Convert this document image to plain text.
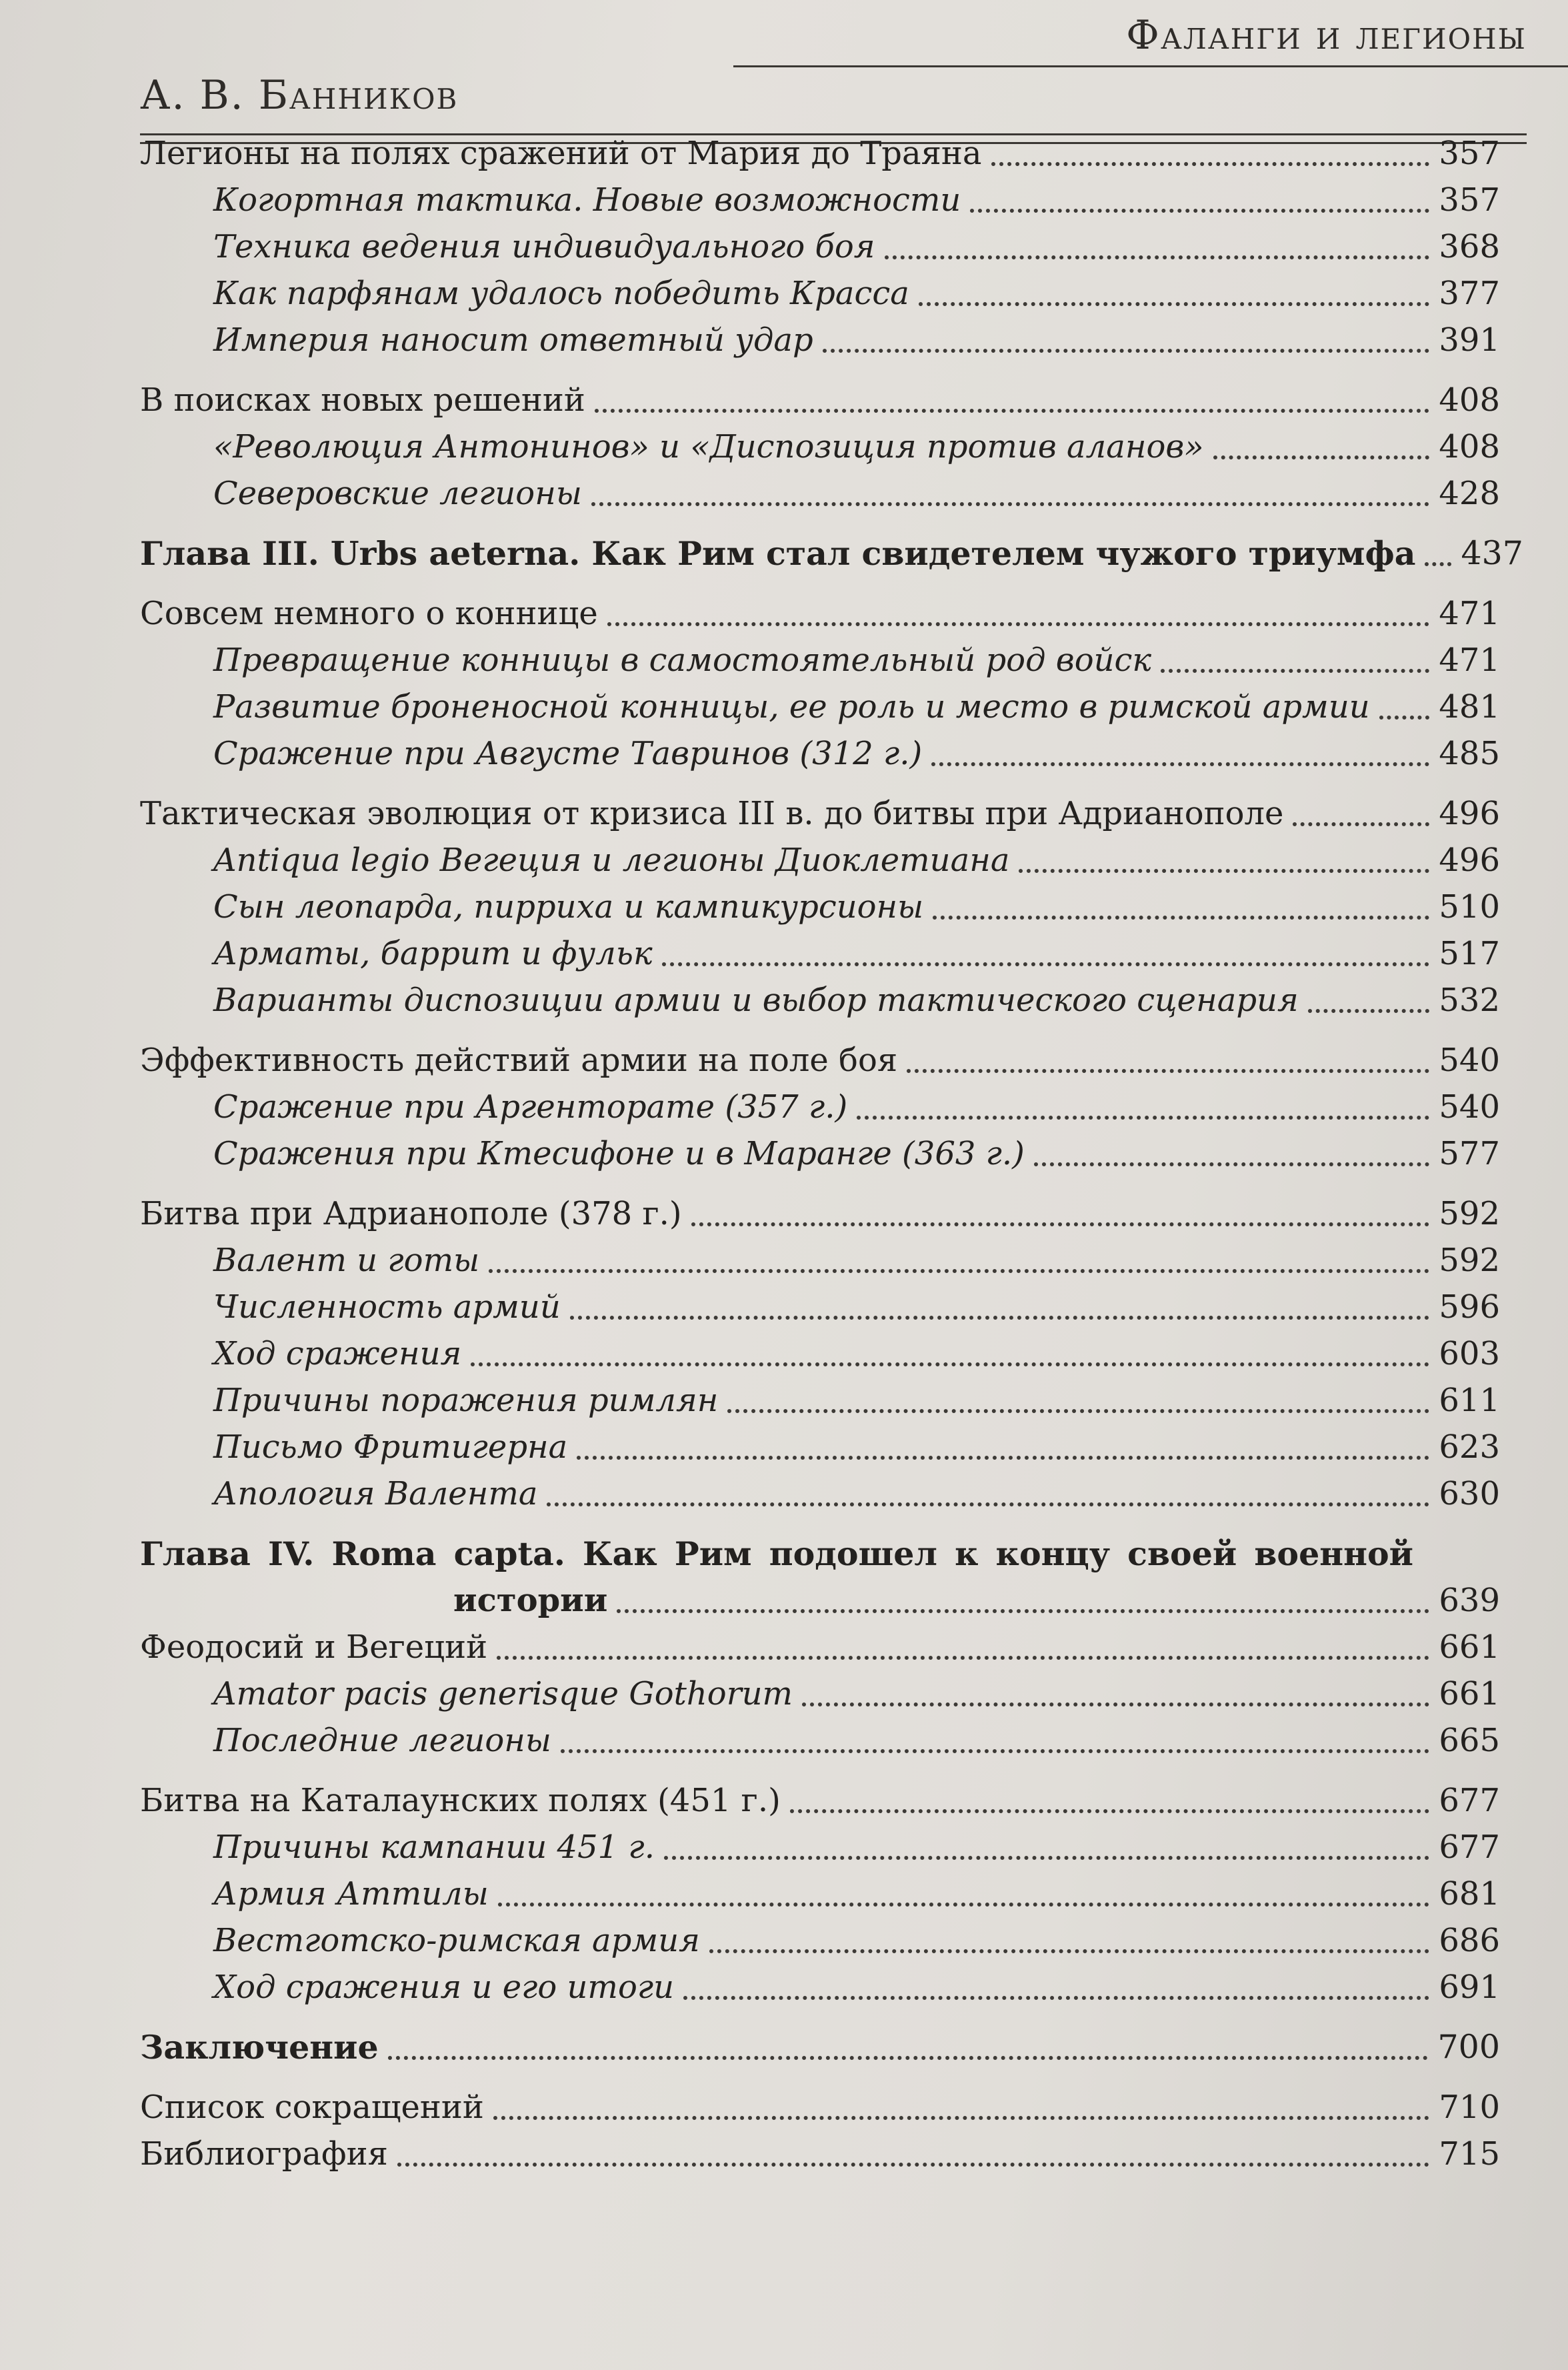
Фаланги и легионы
А. В. Банников
Легионы на полях сражений от Мария до Траяна	357
Когортная тактика. Новые возможности	357
Техника ведения индивидуального боя	368
Как парфянам удалось победить Красса	377
Империя наносит ответный удар	391
В поисках новых решений	408
«Революция Антонинов» и «Диспозиция против аланов»	408
Северовские легионы	428
Глава III. Urbs aeterna. Как Рим стал свидетелем чужого триумфа 437
Совсем немного о коннице	471
Превращение конницы в самостоятельный род войск	471
Развитие броненосной конницы, ее роль и место в римской армии 481
Сражение при Августе Тавринов (312 г.)	485
Тактическая эволюция от кризиса III в. до битвы при Адрианополе	496
Antiqua legio Вегеция и легионы Диоклетиана	496
Сын леопарда, пирриха и кампикурсионы	510
Арматы, баррит и фульк	517
Варианты диспозиции армии и выбор тактического сценария	532
Эффективность действий армии на поле боя	540
Сражение при Аргенторате (357 г.)	540
Сражения при Ктесифоне и в Маранге (363 г.)	577
Битва при Адрианополе (378 г.)	592
Валент и готы	592
Численность армий	596
Ход сражения	603
Причины поражения римлян	611
Письмо Фритигерна	623
Апология Валента	630
Глава IV. Roma capta. Как Рим подошел к концу своей военной
истории	639
Феодосий и Вегеций	661
Amator pacis generisque Gothorum	661
Последние легионы	665
Битва на Каталаунских полях (451 г.)	677
Причины кампании 451 г.	677
Армия Аттилы	681
Вестготско-римская армия	686
Ход сражения и его итоги	691
Заключение	700
Список сокращений	710
Библиография	715
